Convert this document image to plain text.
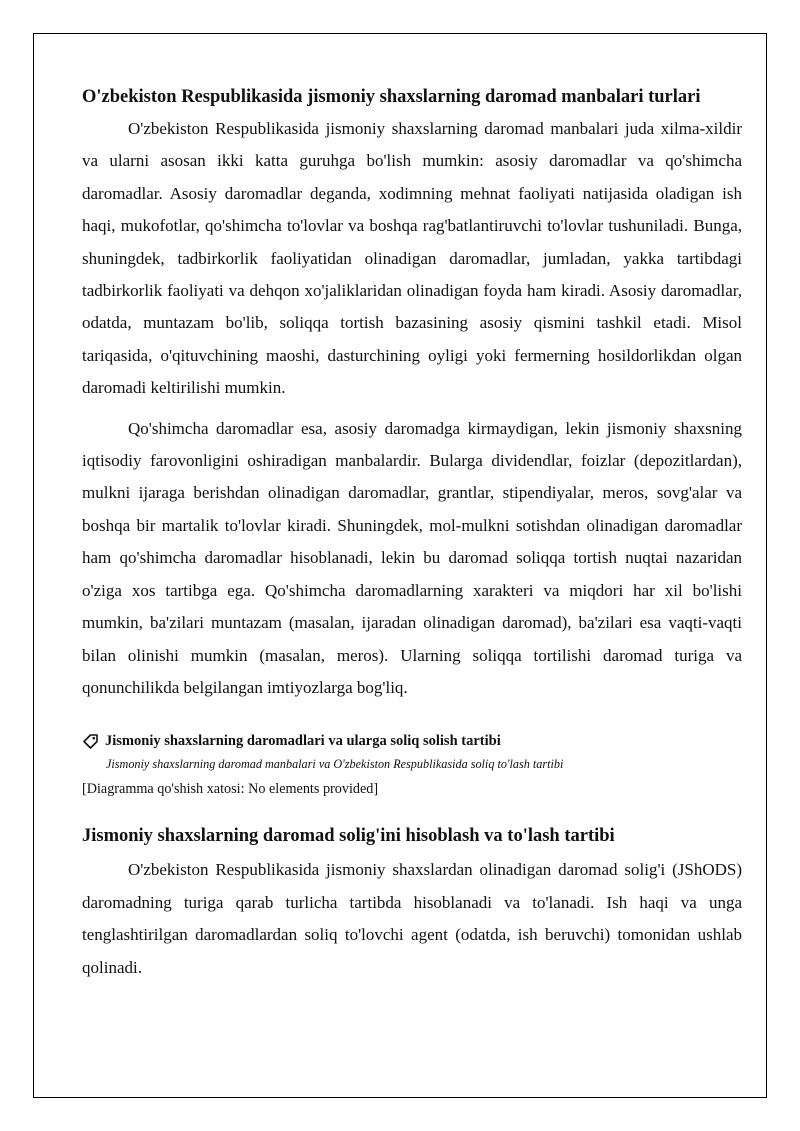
O'zbekiston Respublikasida jismoniy shaxslarning daromad manbalari turlari

O'zbekiston Respublikasida jismoniy shaxslarning daromad manbalari juda xilma-xildir va ularni asosan ikki katta guruhga bo'lish mumkin: asosiy daromadlar va qo'shimcha daromadlar. Asosiy daromadlar deganda, xodimning mehnat faoliyati natijasida oladigan ish haqi, mukofotlar, qo'shimcha to'lovlar va boshqa rag'batlantiruvchi to'lovlar tushuniladi. Bunga, shuningdek, tadbirkorlik faoliyatidan olinadigan daromadlar, jumladan, yakka tartibdagi tadbirkorlik faoliyati va dehqon xo'jaliklaridan olinadigan foyda ham kiradi. Asosiy daromadlar, odatda, muntazam bo'lib, soliqqa tortish bazasining asosiy qismini tashkil etadi. Misol tariqasida, o'qituvchining maoshi, dasturchining oyligi yoki fermerning hosildorlikdan olgan daromadi keltirilishi mumkin.

Qo'shimcha daromadlar esa, asosiy daromadga kirmaydigan, lekin jismoniy shaxsning iqtisodiy farovonligini oshiradigan manbalardir. Bularga dividendlar, foizlar (depozitlardan), mulkni ijaraga berishdan olinadigan daromadlar, grantlar, stipendiyalar, meros, sovg'alar va boshqa bir martalik to'lovlar kiradi. Shuningdek, mol-mulkni sotishdan olinadigan daromadlar ham qo'shimcha daromadlar hisoblanadi, lekin bu daromad soliqqa tortish nuqtai nazaridan o'ziga xos tartibga ega. Qo'shimcha daromadlarning xarakteri va miqdori har xil bo'lishi mumkin, ba'zilari muntazam (masalan, ijaradan olinadigan daromad), ba'zilari esa vaqti-vaqti bilan olinishi mumkin (masalan, meros). Ularning soliqqa tortilishi daromad turiga va qonunchilikda belgilangan imtiyozlarga bog'liq.

Jismoniy shaxslarning daromadlari va ularga soliq solish tartibi
Jismoniy shaxslarning daromad manbalari va O'zbekiston Respublikasida soliq to'lash tartibi
[Diagramma qo'shish xatosi: No elements provided]
Jismoniy shaxslarning daromad solig'ini hisoblash va to'lash tartibi

O'zbekiston Respublikasida jismoniy shaxslardan olinadigan daromad solig'i (JShODS) daromadning turiga qarab turlicha tartibda hisoblanadi va to'lanadi. Ish haqi va unga tenglashtirilgan daromadlardan soliq to'lovchi agent (odatda, ish beruvchi) tomonidan ushlab qolinadi.
